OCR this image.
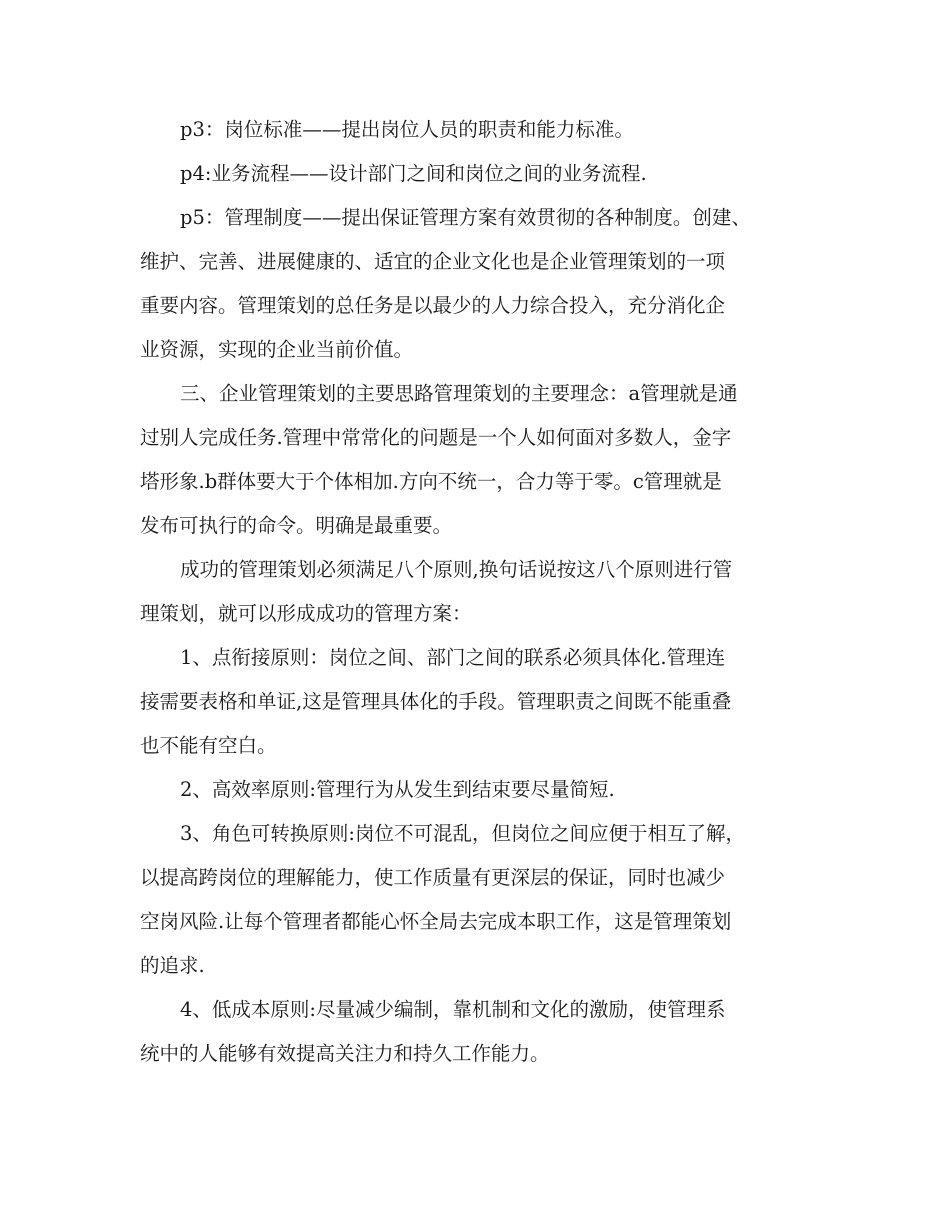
p3：岗位标准——提出岗位人员的职责和能力标准。
p4:业务流程——设计部门之间和岗位之间的业务流程.
p5：管理制度——提出保证管理方案有效贯彻的各种制度。创建、
维护、完善、进展健康的、适宜的企业文化也是企业管理策划的一项
重要内容。管理策划的总任务是以最少的人力综合投入，充分消化企
业资源，实现的企业当前价值。
三、企业管理策划的主要思路管理策划的主要理念：a管理就是通
过别人完成任务.管理中常常化的问题是一个人如何面对多数人，金字
塔形象.b群体要大于个体相加.方向不统一，合力等于零。c管理就是
发布可执行的命令。明确是最重要。
成功的管理策划必须满足八个原则,换句话说按这八个原则进行管
理策划，就可以形成成功的管理方案：
1、点衔接原则：岗位之间、部门之间的联系必须具体化.管理连
接需要表格和单证,这是管理具体化的手段。管理职责之间既不能重叠
也不能有空白。
2、高效率原则:管理行为从发生到结束要尽量简短.
3、角色可转换原则:岗位不可混乱，但岗位之间应便于相互了解，
以提高跨岗位的理解能力，使工作质量有更深层的保证，同时也减少
空岗风险.让每个管理者都能心怀全局去完成本职工作，这是管理策划
的追求.
4、低成本原则:尽量减少编制，靠机制和文化的激励，使管理系
统中的人能够有效提高关注力和持久工作能力。
